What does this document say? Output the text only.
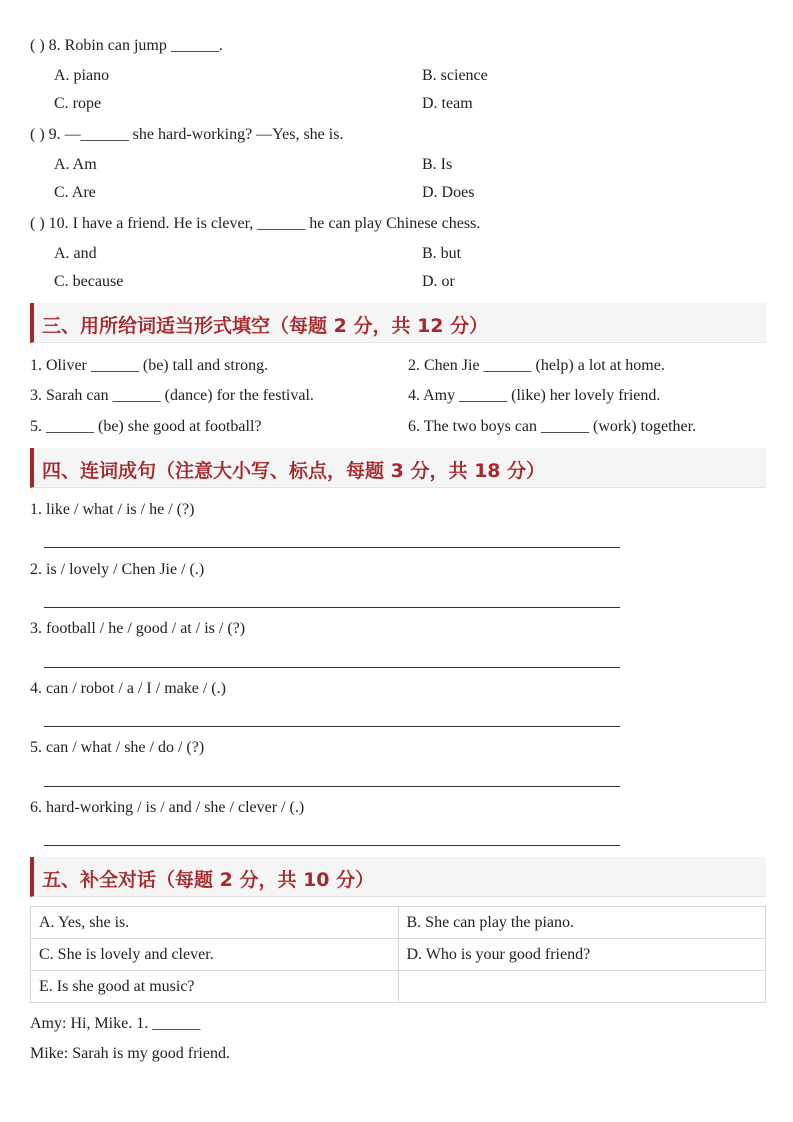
( ) 8. Robin can jump ______.
A. piano	B. science
C. rope	D. team
( ) 9. —______ she hard-working? —Yes, she is.
A. Am	B. Is
C. Are	D. Does
( ) 10. I have a friend. He is clever, ______ he can play Chinese chess.
A. and	B. but
C. because	D. or
三、用所给词适当形式填空（每题 2 分，共 12 分）
1. Oliver ______ (be) tall and strong.	2. Chen Jie ______ (help) a lot at home.
3. Sarah can ______ (dance) for the festival.	4. Amy ______ (like) her lovely friend.
5. ______ (be) she good at football?	6. The two boys can ______ (work) together.
四、连词成句（注意大小写、标点，每题 3 分，共 18 分）
1. like / what / is / he / (?)
2. is / lovely / Chen Jie / (.)
3. football / he / good / at / is / (?)
4. can / robot / a / I / make / (.)
5. can / what / she / do / (?)
6. hard-working / is / and / she / clever / (.)
五、补全对话（每题 2 分，共 10 分）
A. Yes, she is.	B. She can play the piano.
C. She is lovely and clever.	D. Who is your good friend?
E. Is she good at music?	
Amy: Hi, Mike. 1. ______
Mike: Sarah is my good friend.
